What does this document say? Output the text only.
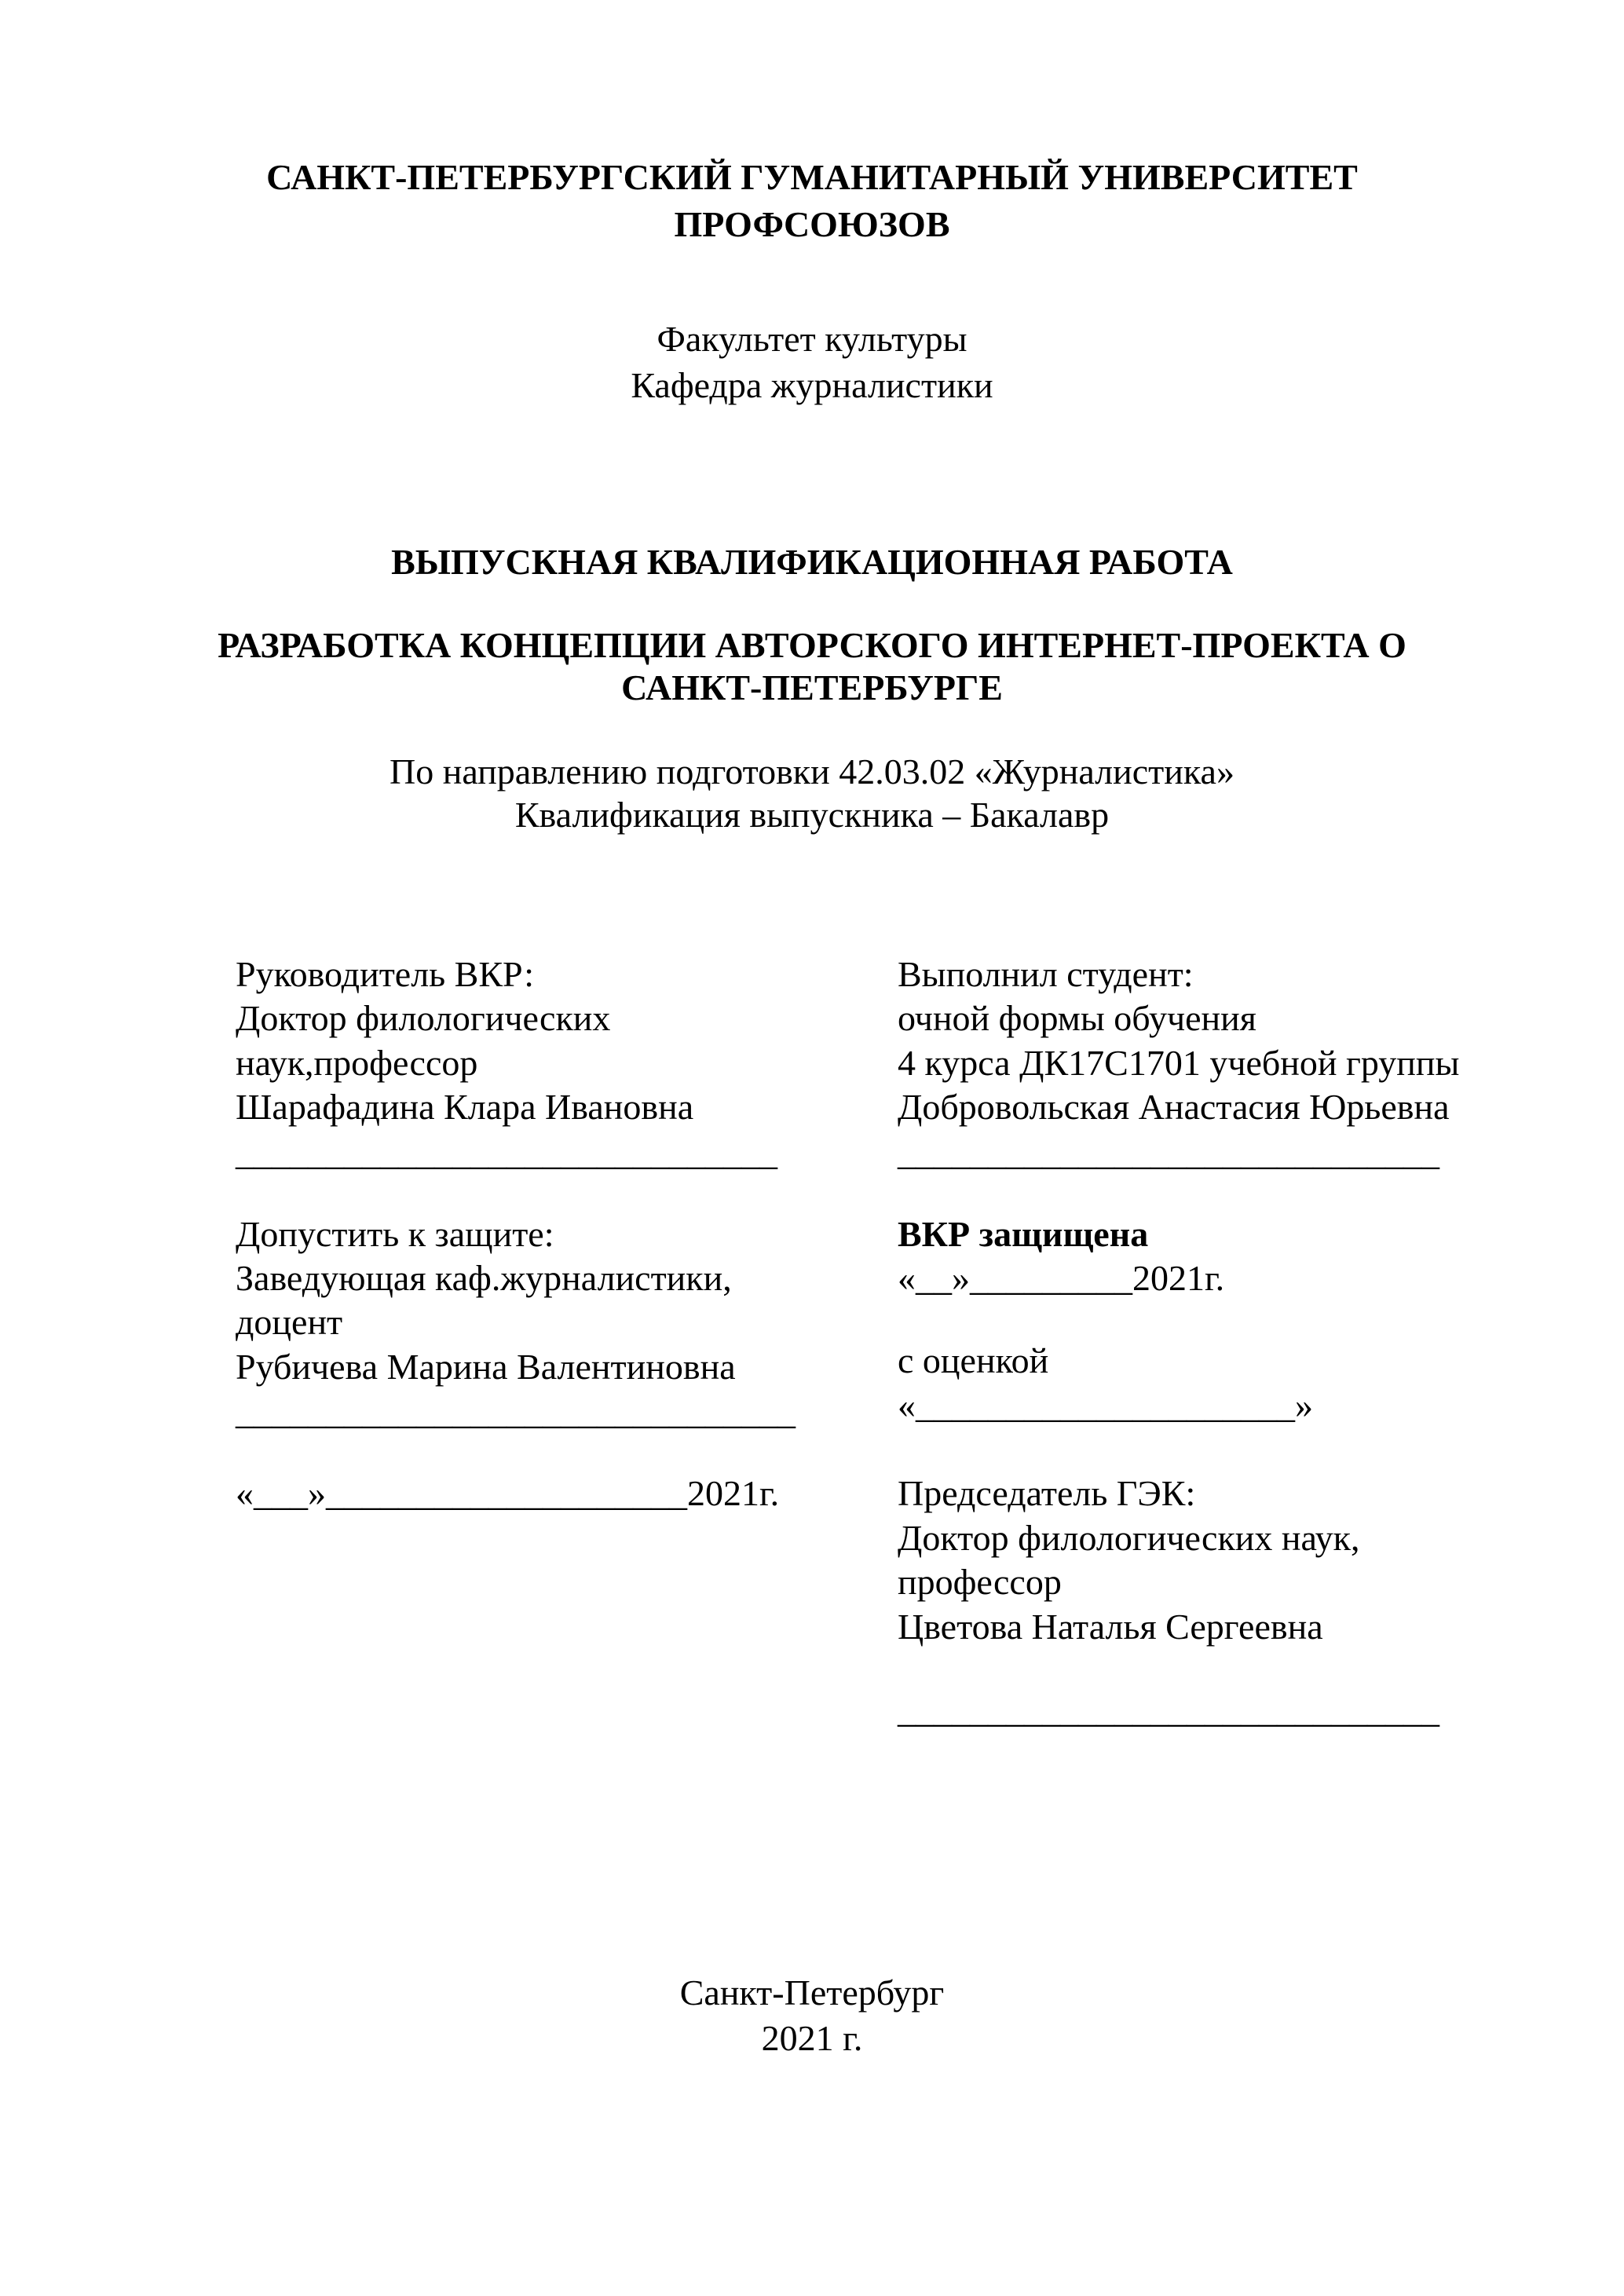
САНКТ-ПЕТЕРБУРГСКИЙ ГУМАНИТАРНЫЙ УНИВЕРСИТЕТ
ПРОФСОЮЗОВ
Факультет культуры
Кафедра журналистики
ВЫПУСКНАЯ КВАЛИФИКАЦИОННАЯ РАБОТА
РАЗРАБОТКА КОНЦЕПЦИИ АВТОРСКОГО ИНТЕРНЕТ-ПРОЕКТА О
САНКТ-ПЕТЕРБУРГЕ
По направлению подготовки 42.03.02 «Журналистика»
Квалификация выпускника – Бакалавр
Руководитель ВКР:
Доктор филологических
наук,профессор
Шарафадина Клара Ивановна
______________________________
Допустить к защите:
Заведующая каф.журналистики,
доцент
Рубичева Марина Валентиновна
_______________________________
«___»____________________2021г.
Выполнил студент:
очной формы обучения
4 курса ДК17С1701 учебной группы
Добровольская Анастасия Юрьевна
______________________________
ВКР защищена
«__»_________2021г.
с оценкой
«_____________________»
Председатель ГЭК:
Доктор филологических наук,
профессор
Цветова Наталья Сергеевна
______________________________
Санкт-Петербург
2021 г.
